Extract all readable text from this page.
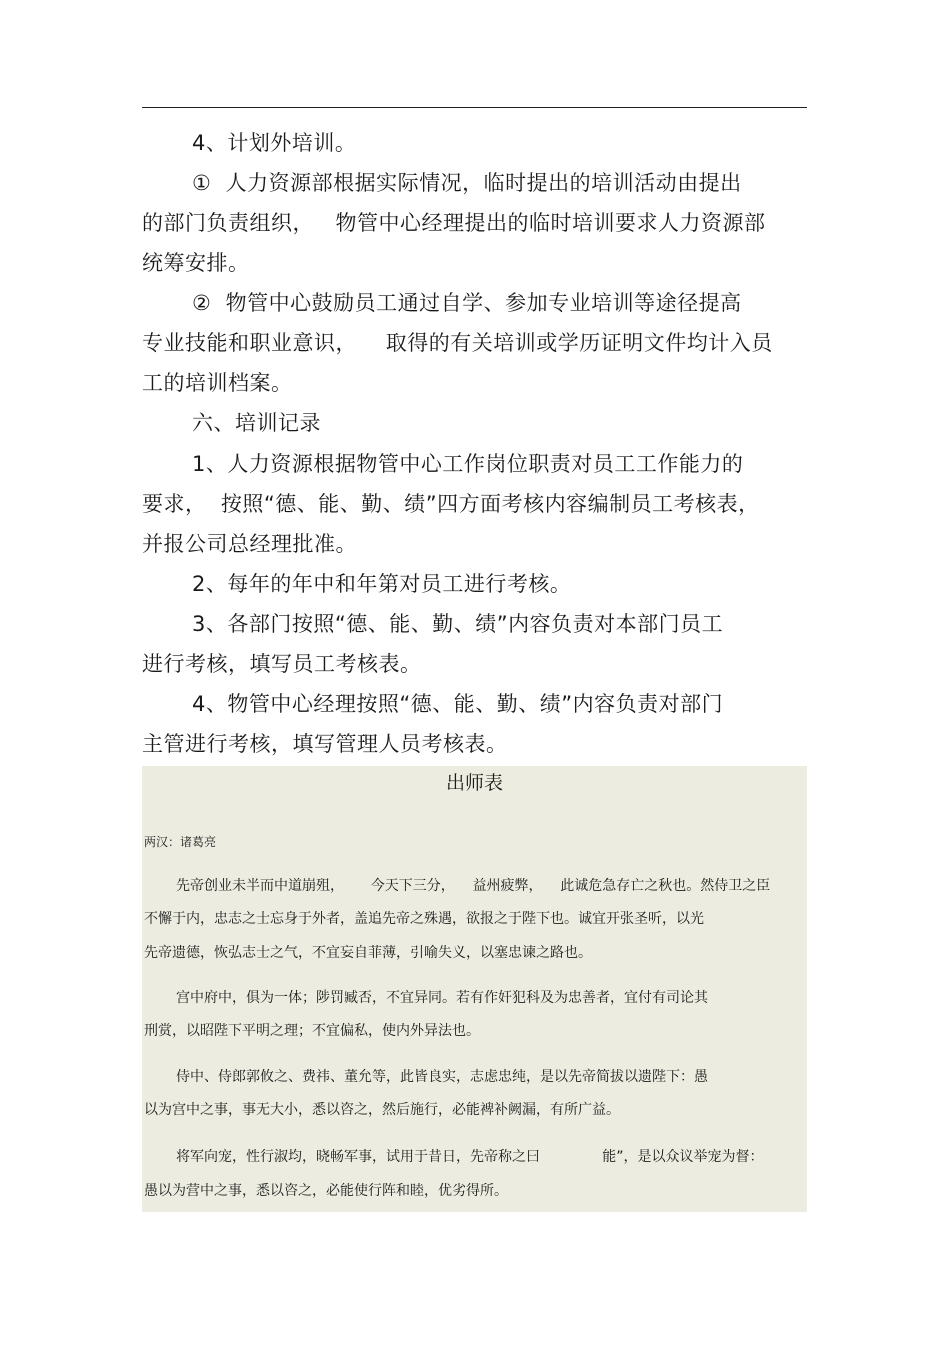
4、计划外培训。
①  人力资源部根据实际情况，临时提出的培训活动由提出
的部门负责组织，   物管中心经理提出的临时培训要求人力资源部
统筹安排。
②  物管中心鼓励员工通过自学、参加专业培训等途径提高
专业技能和职业意识，    取得的有关培训或学历证明文件均计入员
工的培训档案。
六、培训记录
1、人力资源根据物管中心工作岗位职责对员工工作能力的
要求，  按照“德、能、勤、绩”四方面考核内容编制员工考核表，
并报公司总经理批准。
2、每年的年中和年第对员工进行考核。
3、各部门按照“德、能、勤、绩”内容负责对本部门员工
进行考核，填写员工考核表。
4、物管中心经理按照“德、能、勤、绩”内容负责对部门
主管进行考核，填写管理人员考核表。
出师表
两汉：诸葛亮
先帝创业未半而中道崩殂，      今天下三分，    益州疲弊，    此诚危急存亡之秋也。然侍卫之臣
不懈于内，忠志之士忘身于外者，盖追先帝之殊遇，欲报之于陛下也。诚宜开张圣听，以光
先帝遗德，恢弘志士之气，不宜妄自菲薄，引喻失义，以塞忠谏之路也。
宫中府中，俱为一体；陟罚臧否，不宜异同。若有作奸犯科及为忠善者，宜付有司论其
刑赏，以昭陛下平明之理；不宜偏私，使内外异法也。
侍中、侍郎郭攸之、费祎、董允等，此皆良实，志虑忠纯，是以先帝简拔以遗陛下：愚
以为宫中之事，事无大小，悉以咨之，然后施行，必能裨补阙漏，有所广益。
将军向宠，性行淑均，晓畅军事，试用于昔日，先帝称之曰              能”，是以众议举宠为督：
愚以为营中之事，悉以咨之，必能使行阵和睦，优劣得所。
